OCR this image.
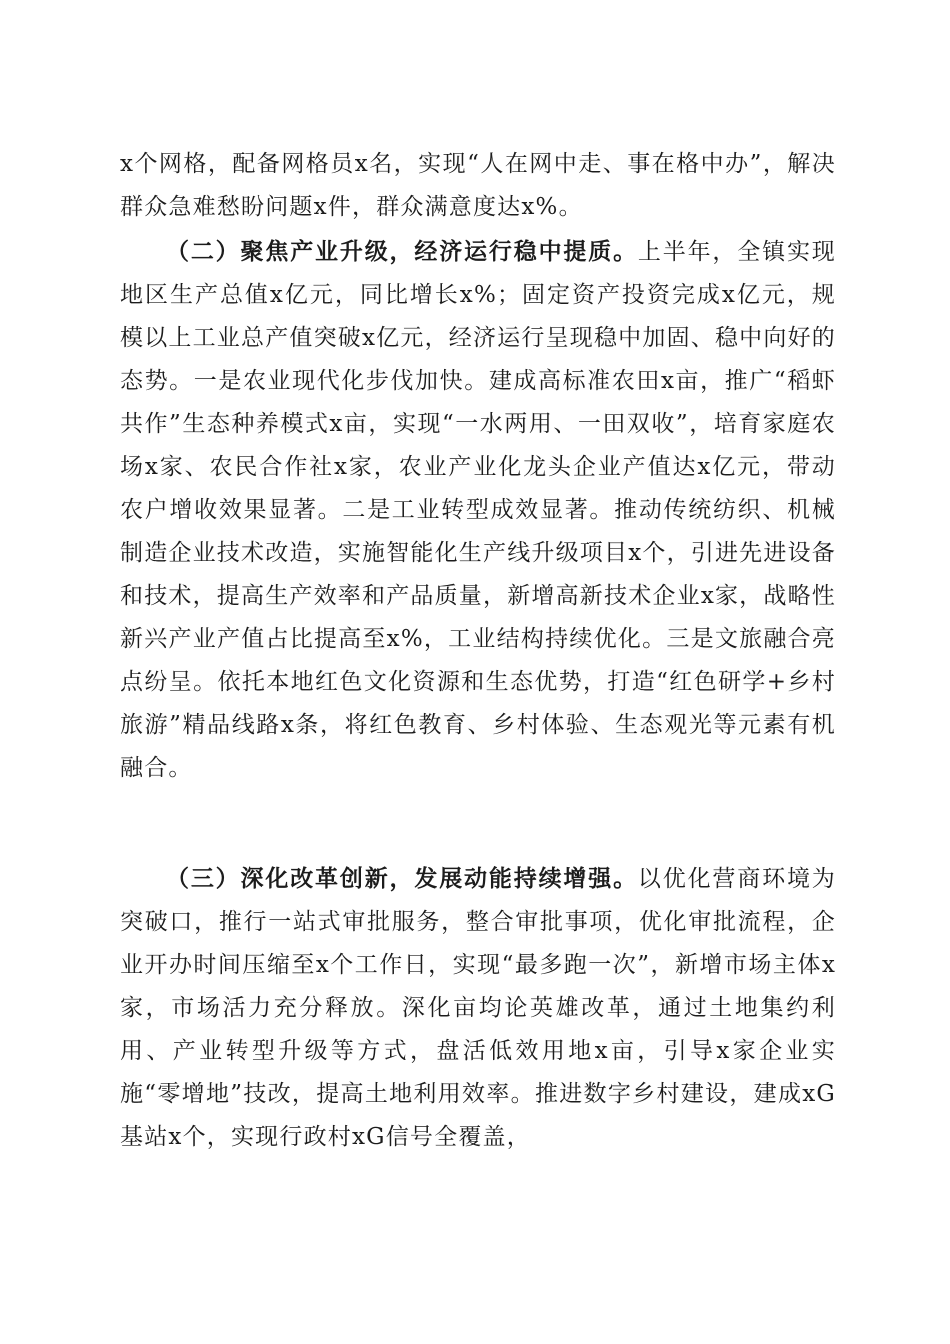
x个网格，配备网格员x名，实现“人在网中走、事在格中办”，解决群众急难愁盼问题x件，群众满意度达x%。

（二）聚焦产业升级，经济运行稳中提质。上半年，全镇实现地区生产总值x亿元，同比增长x%；固定资产投资完成x亿元，规模以上工业总产值突破x亿元，经济运行呈现稳中加固、稳中向好的态势。一是农业现代化步伐加快。建成高标准农田x亩，推广“稻虾共作”生态种养模式x亩，实现“一水两用、一田双收”，培育家庭农场x家、农民合作社x家，农业产业化龙头企业产值达x亿元，带动农户增收效果显著。二是工业转型成效显著。推动传统纺织、机械制造企业技术改造，实施智能化生产线升级项目x个，引进先进设备和技术，提高生产效率和产品质量，新增高新技术企业x家，战略性新兴产业产值占比提高至x%，工业结构持续优化。三是文旅融合亮点纷呈。依托本地红色文化资源和生态优势，打造“红色研学+乡村旅游”精品线路x条，将红色教育、乡村体验、生态观光等元素有机融合。

（三）深化改革创新，发展动能持续增强。以优化营商环境为突破口，推行一站式审批服务，整合审批事项，优化审批流程，企业开办时间压缩至x个工作日，实现“最多跑一次”，新增市场主体x家，市场活力充分释放。深化亩均论英雄改革，通过土地集约利用、产业转型升级等方式，盘活低效用地x亩，引导x家企业实施“零增地”技改，提高土地利用效率。推进数字乡村建设，建成xG基站x个，实现行政村xG信号全覆盖，
